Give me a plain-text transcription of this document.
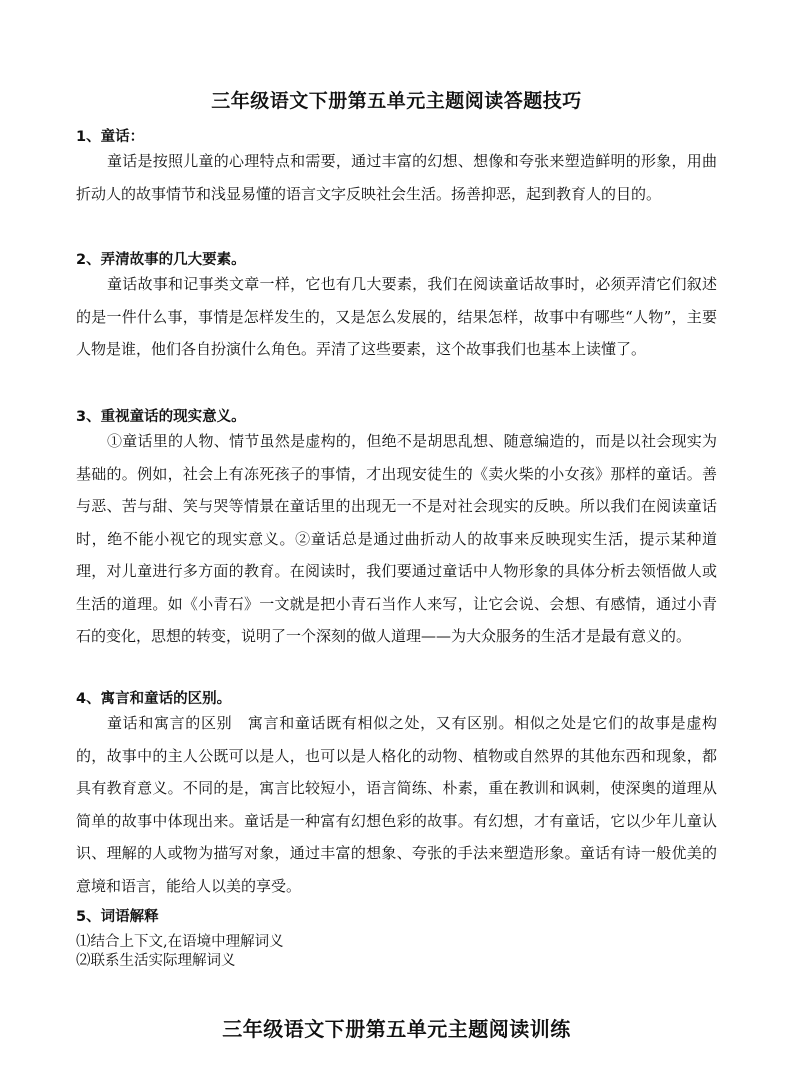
三年级语文下册第五单元主题阅读答题技巧
1、童话：

童话是按照儿童的心理特点和需要，通过丰富的幻想、想像和夸张来塑造鲜明的形象，用曲折动人的故事情节和浅显易懂的语言文字反映社会生活。扬善抑恶，起到教育人的目的。

2、弄清故事的几大要素。

童话故事和记事类文章一样，它也有几大要素，我们在阅读童话故事时，必须弄清它们叙述的是一件什么事，事情是怎样发生的，又是怎么发展的，结果怎样，故事中有哪些“人物”，主要人物是谁，他们各自扮演什么角色。弄清了这些要素，这个故事我们也基本上读懂了。

3、重视童话的现实意义。

①童话里的人物、情节虽然是虚构的，但绝不是胡思乱想、随意编造的，而是以社会现实为基础的。例如，社会上有冻死孩子的事情，才出现安徒生的《卖火柴的小女孩》那样的童话。善与恶、苦与甜、笑与哭等情景在童话里的出现无一不是对社会现实的反映。所以我们在阅读童话时，绝不能小视它的现实意义。②童话总是通过曲折动人的故事来反映现实生活，提示某种道理，对儿童进行多方面的教育。在阅读时，我们要通过童话中人物形象的具体分析去领悟做人或生活的道理。如《小青石》一文就是把小青石当作人来写，让它会说、会想、有感情，通过小青石的变化，思想的转变，说明了一个深刻的做人道理——为大众服务的生活才是最有意义的。

4、寓言和童话的区别。

童话和寓言的区别　寓言和童话既有相似之处，又有区别。相似之处是它们的故事是虚构的，故事中的主人公既可以是人，也可以是人格化的动物、植物或自然界的其他东西和现象，都具有教育意义。不同的是，寓言比较短小，语言简练、朴素，重在教训和讽刺，使深奥的道理从简单的故事中体现出来。童话是一种富有幻想色彩的故事。有幻想，才有童话，它以少年儿童认识、理解的人或物为描写对象，通过丰富的想象、夸张的手法来塑造形象。童话有诗一般优美的意境和语言，能给人以美的享受。

5、词语解释
⑴结合上下文,在语境中理解词义
⑵联系生活实际理解词义
三年级语文下册第五单元主题阅读训练
